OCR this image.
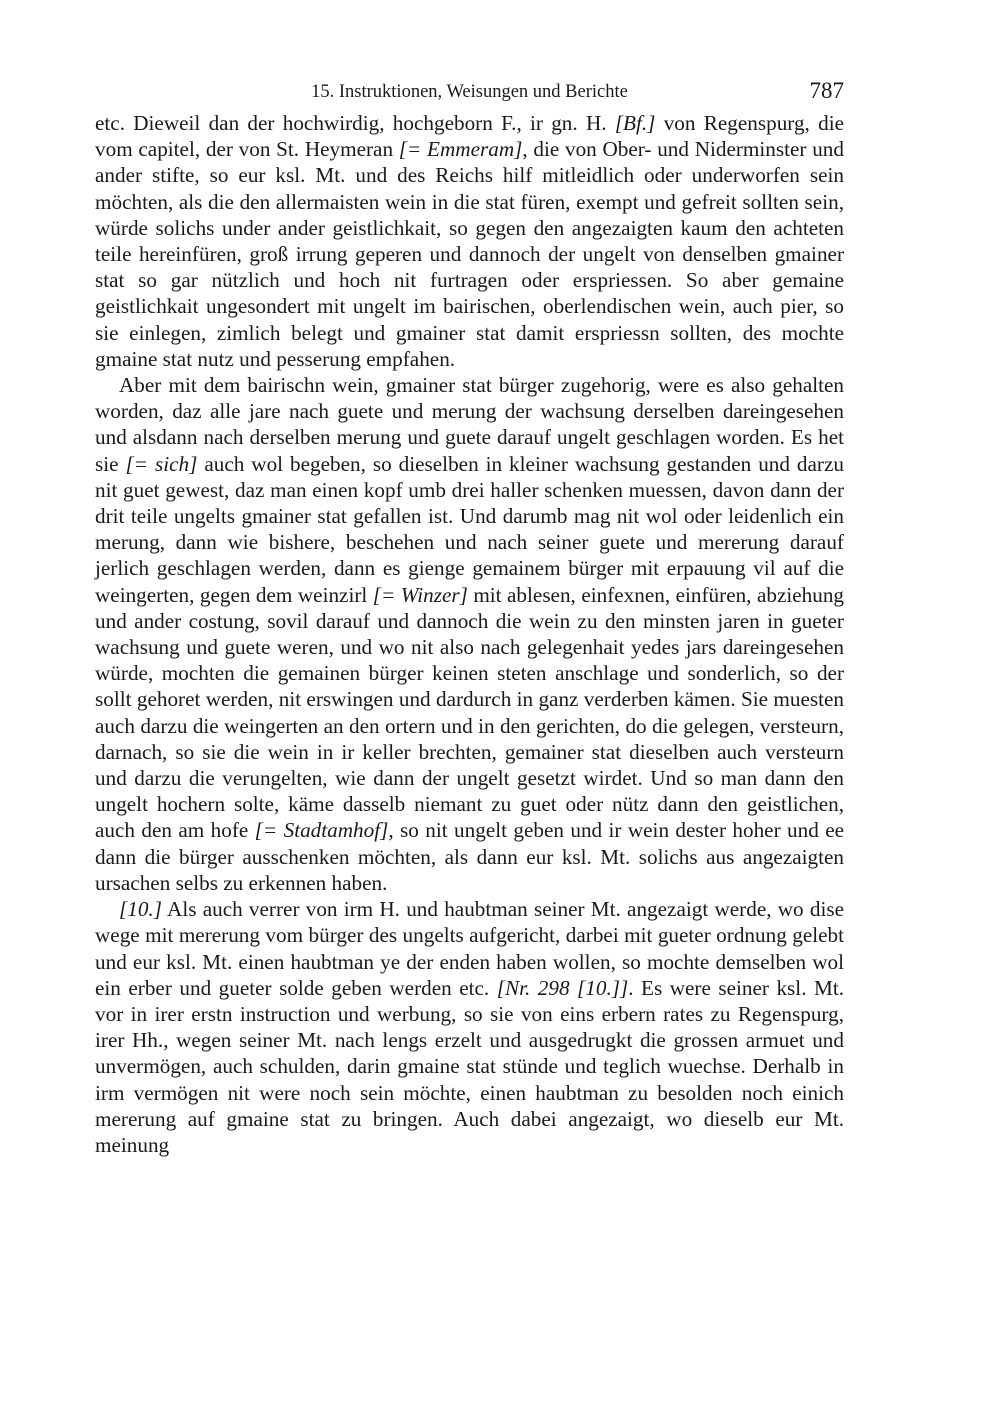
15. Instruktionen, Weisungen und Berichte	787

etc. Dieweil dan der hochwirdig, hochgeborn F., ir gn. H. [Bf.] von Regenspurg, die vom capitel, der von St. Heymeran [= Emmeram], die von Ober- und Niderminster und ander stifte, so eur ksl. Mt. und des Reichs hilf mitleidlich oder underworfen sein möchten, als die den allermaisten wein in die stat füren, exempt und gefreit sollten sein, würde solichs under ander geistlichkait, so gegen den angezaigten kaum den achteten teile hereinfüren, groß irrung geperen und dannoch der ungelt von denselben gmainer stat so gar nützlich und hoch nit furtragen oder erspriessen. So aber gemaine geistlichkait ungesondert mit ungelt im bairischen, oberlendischen wein, auch pier, so sie einlegen, zimlich belegt und gmainer stat damit erspriessn sollten, des mochte gmaine stat nutz und pesserung empfahen.

Aber mit dem bairischn wein, gmainer stat bürger zugehorig, were es also gehalten worden, daz alle jare nach guete und merung der wachsung derselben dareingesehen und alsdann nach derselben merung und guete darauf ungelt geschlagen worden. Es het sie [= sich] auch wol begeben, so dieselben in kleiner wachsung gestanden und darzu nit guet gewest, daz man einen kopf umb drei haller schenken muessen, davon dann der drit teile ungelts gmainer stat gefallen ist. Und darumb mag nit wol oder leidenlich ein merung, dann wie bishere, beschehen und nach seiner guete und mererung darauf jerlich geschlagen werden, dann es gienge gemainem bürger mit erpauung vil auf die weingerten, gegen dem weinzirl [= Winzer] mit ablesen, einfexnen, einfüren, abziehung und ander costung, sovil darauf und dannoch die wein zu den minsten jaren in gueter wachsung und guete weren, und wo nit also nach gelegenhait yedes jars dareingesehen würde, mochten die gemainen bürger keinen steten anschlage und sonderlich, so der sollt gehoret werden, nit erswingen und dardurch in ganz verderben kämen. Sie muesten auch darzu die weingerten an den ortern und in den gerichten, do die gelegen, versteurn, darnach, so sie die wein in ir keller brechten, gemainer stat dieselben auch versteurn und darzu die verungelten, wie dann der ungelt gesetzt wirdet. Und so man dann den ungelt hochern solte, käme dasselb niemant zu guet oder nütz dann den geistlichen, auch den am hofe [= Stadtamhof], so nit ungelt geben und ir wein dester hoher und ee dann die bürger ausschenken möchten, als dann eur ksl. Mt. solichs aus angezaigten ursachen selbs zu erkennen haben.

[10.] Als auch verrer von irm H. und haubtman seiner Mt. angezaigt werde, wo dise wege mit mererung vom bürger des ungelts aufgericht, darbei mit gueter ordnung gelebt und eur ksl. Mt. einen haubtman ye der enden haben wollen, so mochte demselben wol ein erber und gueter solde geben werden etc. [Nr. 298 [10.]]. Es were seiner ksl. Mt. vor in irer erstn instruction und werbung, so sie von eins erbern rates zu Regenspurg, irer Hh., wegen seiner Mt. nach lengs erzelt und ausgedrugkt die grossen armuet und unvermögen, auch schulden, darin gmaine stat stünde und teglich wuechse. Derhalb in irm vermögen nit were noch sein möchte, einen haubtman zu besolden noch einich mererung auf gmaine stat zu bringen. Auch dabei angezaigt, wo dieselb eur Mt. meinung
